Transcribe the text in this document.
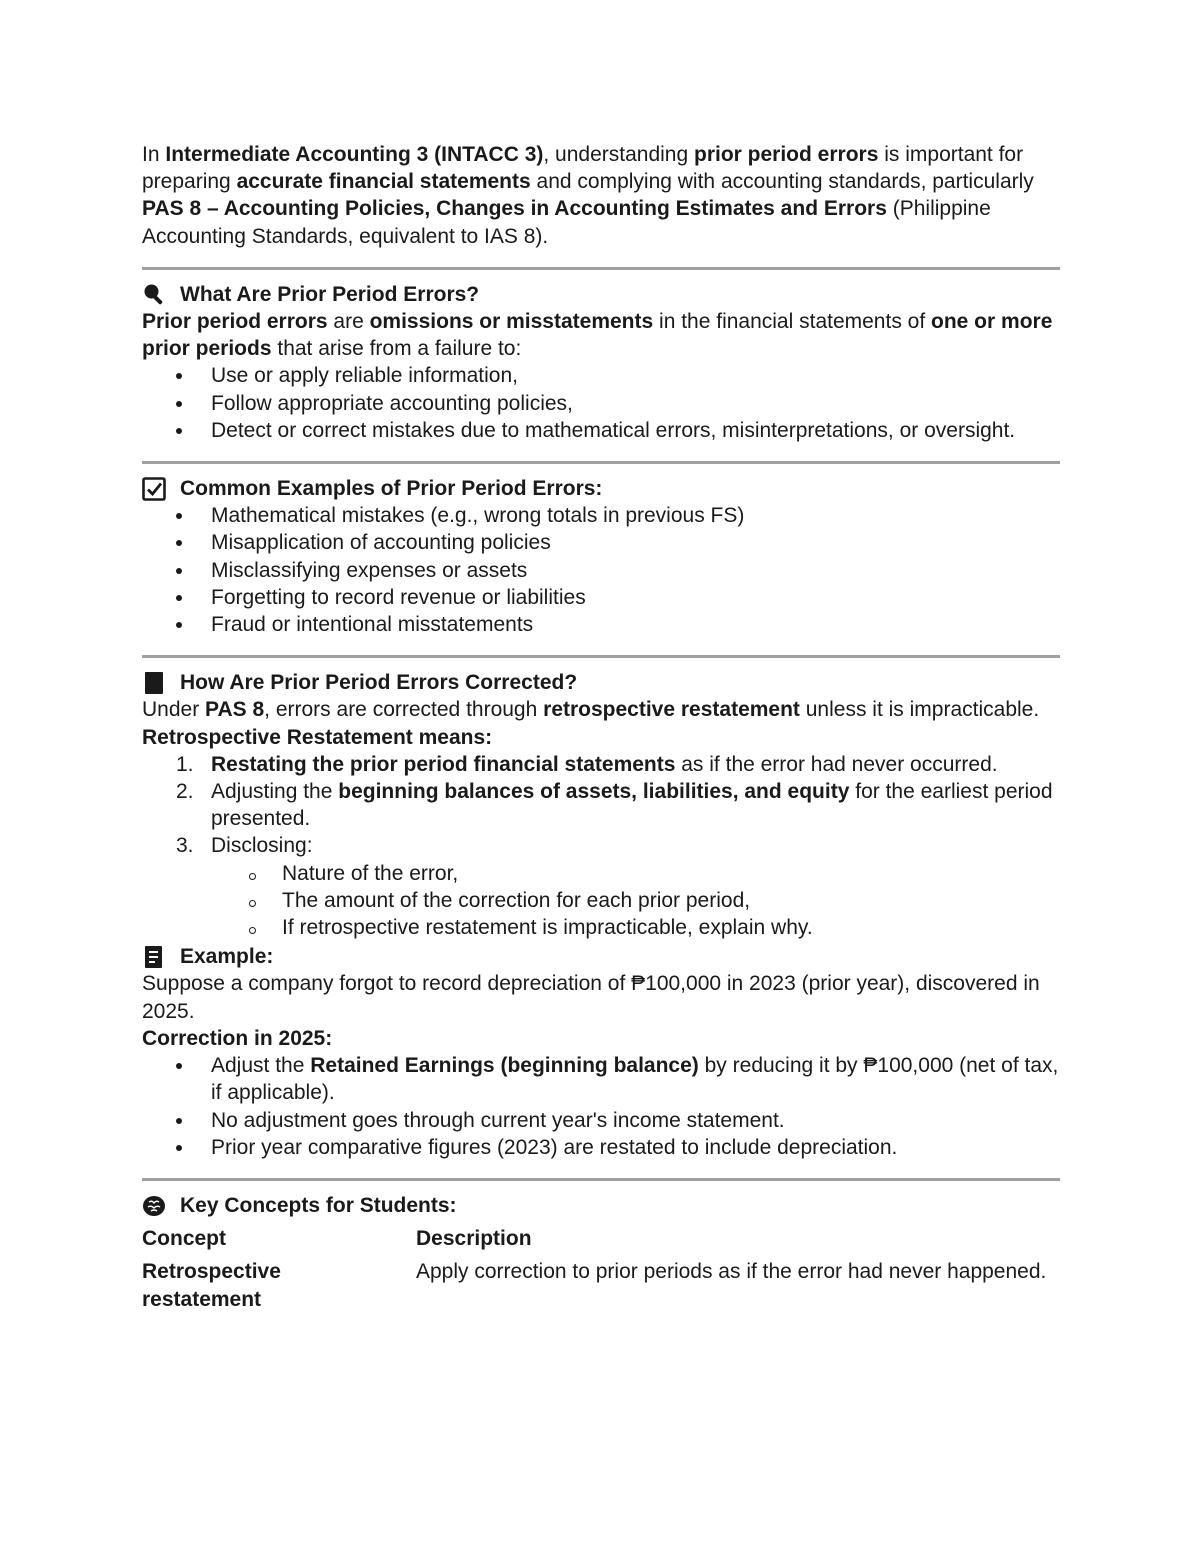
In Intermediate Accounting 3 (INTACC 3), understanding prior period errors is important for preparing accurate financial statements and complying with accounting standards, particularly PAS 8 – Accounting Policies, Changes in Accounting Estimates and Errors (Philippine Accounting Standards, equivalent to IAS 8).

What Are Prior Period Errors?

Prior period errors are omissions or misstatements in the financial statements of one or more prior periods that arise from a failure to:

Use or apply reliable information,
Follow appropriate accounting policies,
Detect or correct mistakes due to mathematical errors, misinterpretations, or oversight.
Common Examples of Prior Period Errors:
Mathematical mistakes (e.g., wrong totals in previous FS)
Misapplication of accounting policies
Misclassifying expenses or assets
Forgetting to record revenue or liabilities
Fraud or intentional misstatements
How Are Prior Period Errors Corrected?

Under PAS 8, errors are corrected through retrospective restatement unless it is impracticable.

Retrospective Restatement means:

1. Restating the prior period financial statements as if the error had never occurred.
2. Adjusting the beginning balances of assets, liabilities, and equity for the earliest period presented.
3. Disclosing:
Nature of the error,
The amount of the correction for each prior period,
If retrospective restatement is impracticable, explain why.
Example:

Suppose a company forgot to record depreciation of ₱100,000 in 2023 (prior year), discovered in 2025.

Correction in 2025:

Adjust the Retained Earnings (beginning balance) by reducing it by ₱100,000 (net of tax, if applicable).
No adjustment goes through current year's income statement.
Prior year comparative figures (2023) are restated to include depreciation.
Key Concepts for Students:
Concept	Description
Retrospective restatement
Apply correction to prior periods as if the error had never happened.
